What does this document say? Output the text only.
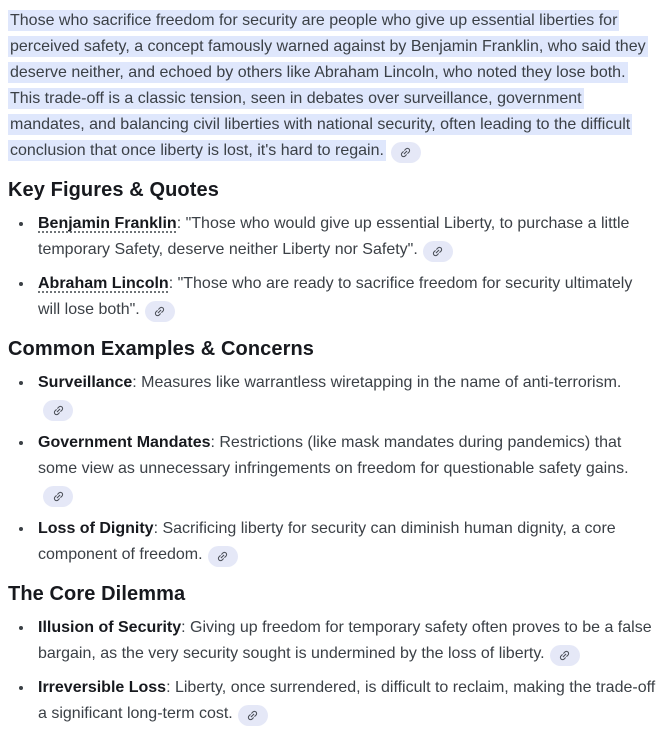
Those who sacrifice freedom for security are people who give up essential liberties for perceived safety, a concept famously warned against by Benjamin Franklin, who said they deserve neither, and echoed by others like Abraham Lincoln, who noted they lose both. This trade-off is a classic tension, seen in debates over surveillance, government mandates, and balancing civil liberties with national security, often leading to the difficult conclusion that once liberty is lost, it's hard to regain.

Key Figures & Quotes
• Benjamin Franklin: "Those who would give up essential Liberty, to purchase a little temporary Safety, deserve neither Liberty nor Safety".
• Abraham Lincoln: "Those who are ready to sacrifice freedom for security ultimately will lose both".
Common Examples & Concerns
• Surveillance: Measures like warrantless wiretapping in the name of anti-terrorism.
• Government Mandates: Restrictions (like mask mandates during pandemics) that some view as unnecessary infringements on freedom for questionable safety gains.
• Loss of Dignity: Sacrificing liberty for security can diminish human dignity, a core component of freedom.
The Core Dilemma
• Illusion of Security: Giving up freedom for temporary safety often proves to be a false bargain, as the very security sought is undermined by the loss of liberty.
• Irreversible Loss: Liberty, once surrendered, is difficult to reclaim, making the trade-off a significant long-term cost.
